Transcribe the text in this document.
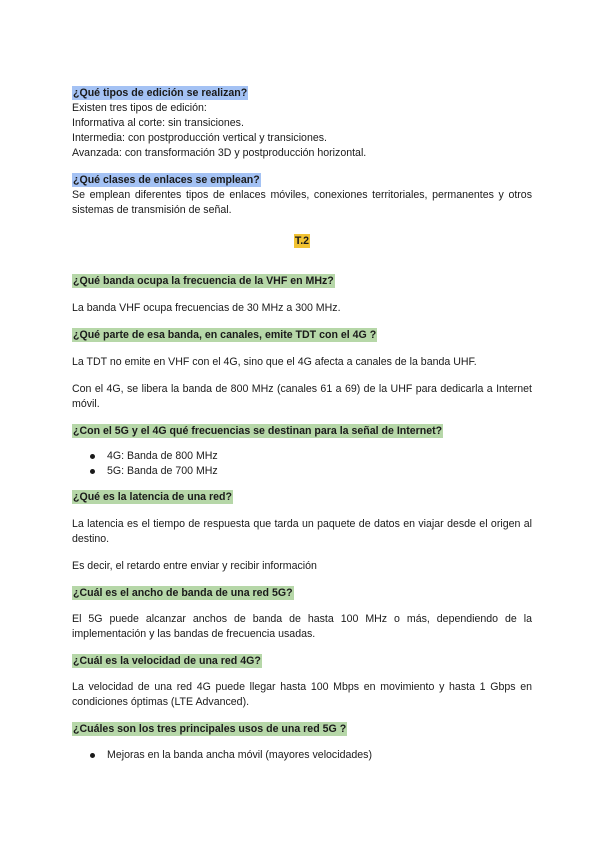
¿Qué tipos de edición se realizan?
Existen tres tipos de edición:
Informativa al corte: sin transiciones.
Intermedia: con postproducción vertical y transiciones.
Avanzada: con transformación 3D y postproducción horizontal.
¿Qué clases de enlaces se emplean?
Se emplean diferentes tipos de enlaces móviles, conexiones territoriales, permanentes y otros sistemas de transmisión de señal.
T.2
¿Qué banda ocupa la frecuencia de la VHF en MHz?
La banda VHF ocupa frecuencias de 30 MHz a 300 MHz.
¿Qué parte de esa banda, en canales, emite TDT con el 4G ?
La TDT no emite en VHF con el 4G, sino que el 4G afecta a canales de la banda UHF.
Con el 4G, se libera la banda de 800 MHz (canales 61 a 69) de la UHF para dedicarla a Internet móvil.
¿Con el 5G y el 4G qué frecuencias se destinan para la señal de Internet?
4G: Banda de 800 MHz
5G: Banda de 700 MHz
¿Qué es la latencia de una red?
La latencia es el tiempo de respuesta que tarda un paquete de datos en viajar desde el origen al destino.
Es decir, el retardo entre enviar y recibir información
¿Cuál es el ancho de banda de una red 5G?
El 5G puede alcanzar anchos de banda de hasta 100 MHz o más, dependiendo de la implementación y las bandas de frecuencia usadas.
¿Cuál es la velocidad de una red 4G?
La velocidad de una red 4G puede llegar hasta 100 Mbps en movimiento y hasta 1 Gbps en condiciones óptimas (LTE Advanced).
¿Cuáles son los tres principales usos de una red 5G ?
Mejoras en la banda ancha móvil (mayores velocidades)
